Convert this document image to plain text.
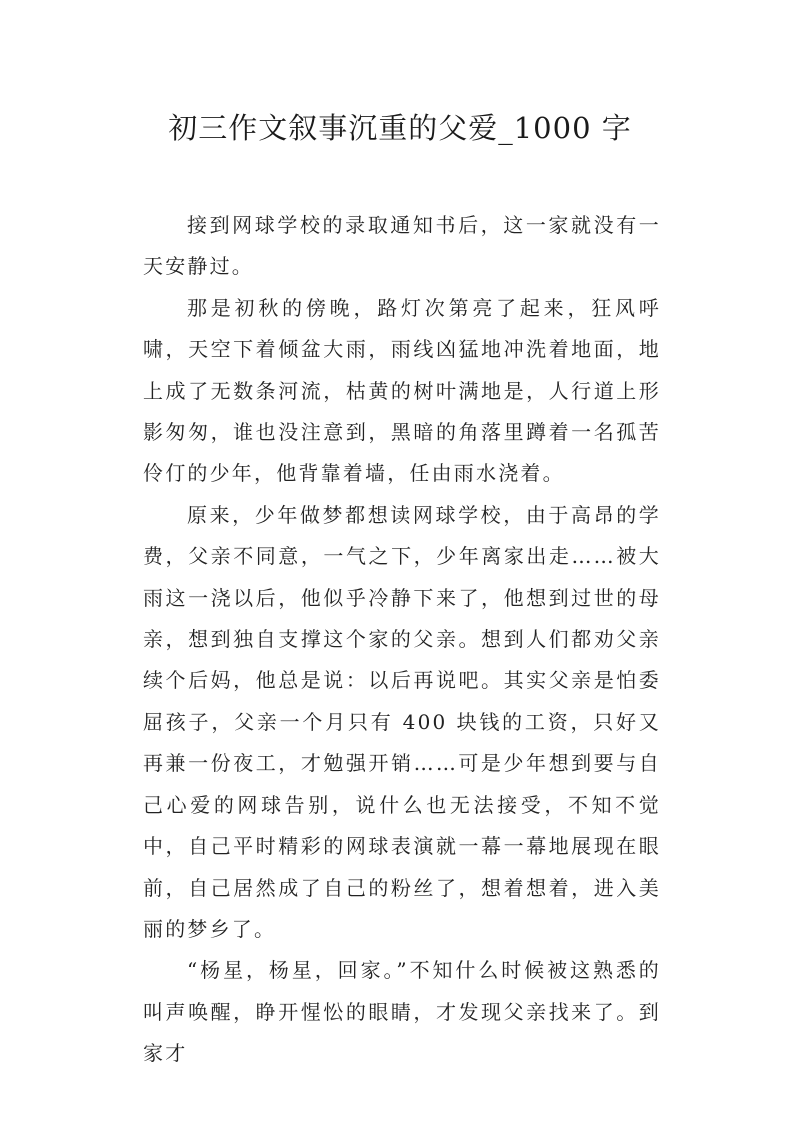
初三作文叙事沉重的父爱_1000 字

接到网球学校的录取通知书后，这一家就没有一天安静过。

那是初秋的傍晚，路灯次第亮了起来，狂风呼啸，天空下着倾盆大雨，雨线凶猛地冲洗着地面，地上成了无数条河流，枯黄的树叶满地是，人行道上形影匆匆，谁也没注意到，黑暗的角落里蹲着一名孤苦伶仃的少年，他背靠着墙，任由雨水浇着。

原来，少年做梦都想读网球学校，由于高昂的学费，父亲不同意，一气之下，少年离家出走……被大雨这一浇以后，他似乎冷静下来了，他想到过世的母亲，想到独自支撑这个家的父亲。想到人们都劝父亲续个后妈，他总是说：以后再说吧。其实父亲是怕委屈孩子，父亲一个月只有 400 块钱的工资，只好又再兼一份夜工，才勉强开销……可是少年想到要与自己心爱的网球告别，说什么也无法接受，不知不觉中，自己平时精彩的网球表演就一幕一幕地展现在眼前，自己居然成了自己的粉丝了，想着想着，进入美丽的梦乡了。

“杨星，杨星，回家。”不知什么时候被这熟悉的叫声唤醒，睁开惺忪的眼睛，才发现父亲找来了。到家才
